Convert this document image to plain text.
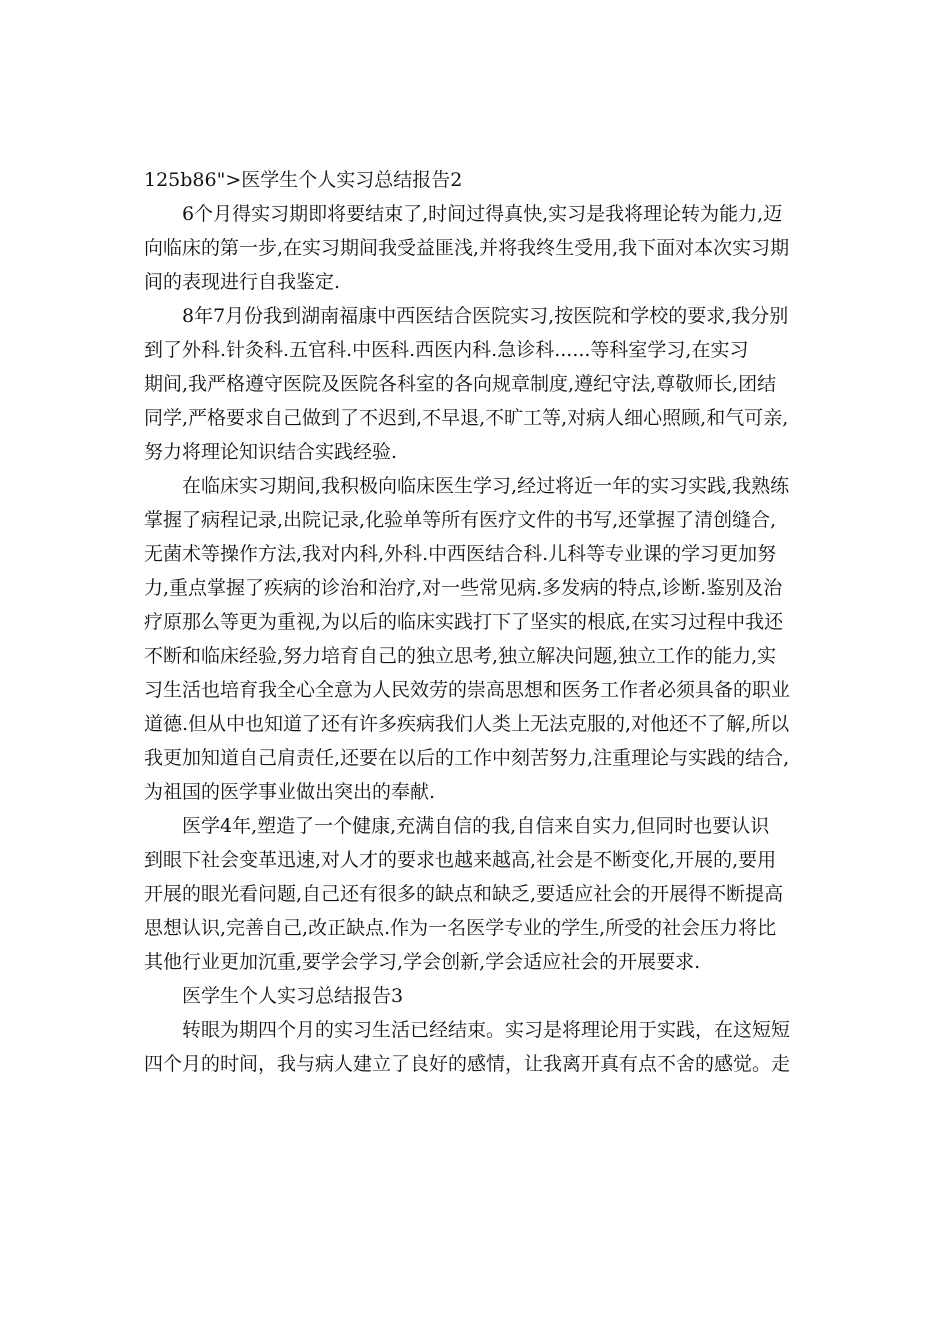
125b86">医学生个人实习总结报告2
6个月得实习期即将要结束了,时间过得真快,实习是我将理论转为能力,迈
向临床的第一步,在实习期间我受益匪浅,并将我终生受用,我下面对本次实习期
间的表现进行自我鉴定.
8年7月份我到湖南福康中西医结合医院实习,按医院和学校的要求,我分别
到了外科.针灸科.五官科.中医科.西医内科.急诊科......等科室学习,在实习
期间,我严格遵守医院及医院各科室的各向规章制度,遵纪守法,尊敬师长,团结
同学,严格要求自己做到了不迟到,不早退,不旷工等,对病人细心照顾,和气可亲,
努力将理论知识结合实践经验.
在临床实习期间,我积极向临床医生学习,经过将近一年的实习实践,我熟练
掌握了病程记录,出院记录,化验单等所有医疗文件的书写,还掌握了清创缝合,
无菌术等操作方法,我对内科,外科.中西医结合科.儿科等专业课的学习更加努
力,重点掌握了疾病的诊治和治疗,对一些常见病.多发病的特点,诊断.鉴别及治
疗原那么等更为重视,为以后的临床实践打下了坚实的根底,在实习过程中我还
不断和临床经验,努力培育自己的独立思考,独立解决问题,独立工作的能力,实
习生活也培育我全心全意为人民效劳的崇高思想和医务工作者必须具备的职业
道德.但从中也知道了还有许多疾病我们人类上无法克服的,对他还不了解,所以
我更加知道自己肩责任,还要在以后的工作中刻苦努力,注重理论与实践的结合,
为祖国的医学事业做出突出的奉献.
医学4年,塑造了一个健康,充满自信的我,自信来自实力,但同时也要认识
到眼下社会变革迅速,对人才的要求也越来越高,社会是不断变化,开展的,要用
开展的眼光看问题,自己还有很多的缺点和缺乏,要适应社会的开展得不断提高
思想认识,完善自己,改正缺点.作为一名医学专业的学生,所受的社会压力将比
其他行业更加沉重,要学会学习,学会创新,学会适应社会的开展要求.
医学生个人实习总结报告3
转眼为期四个月的实习生活已经结束。实习是将理论用于实践，在这短短
四个月的时间，我与病人建立了良好的感情，让我离开真有点不舍的感觉。走
